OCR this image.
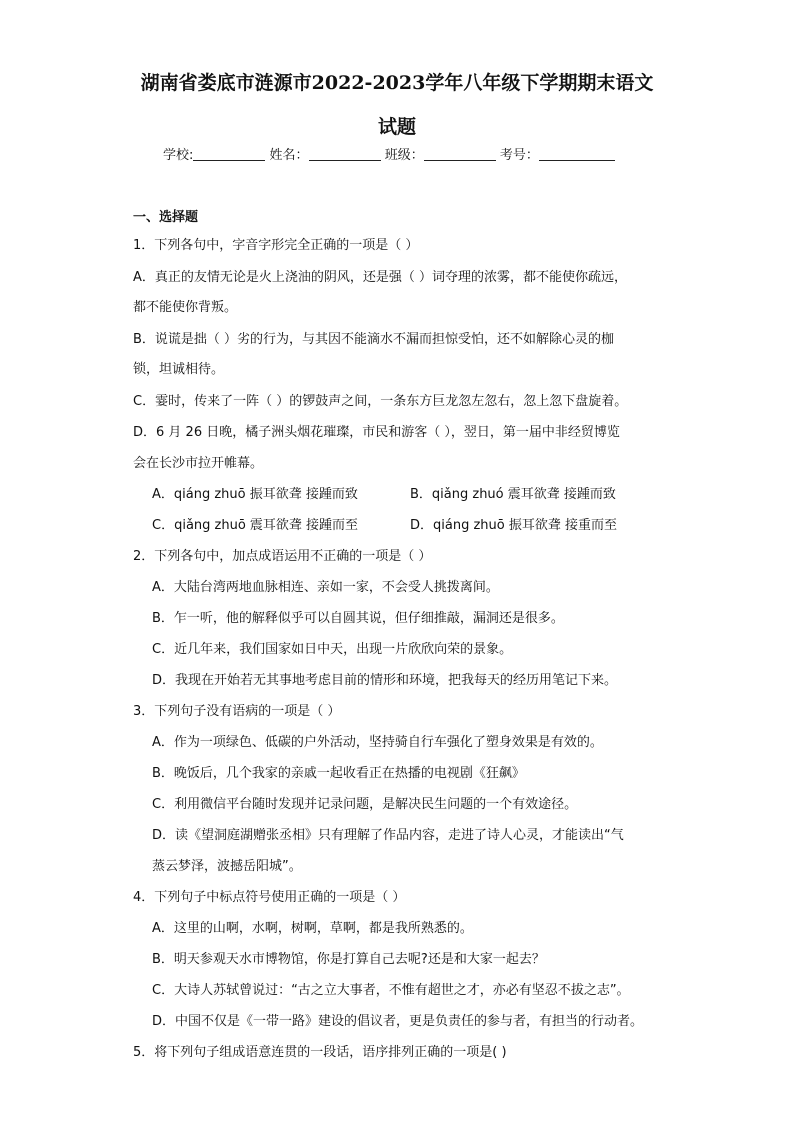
湖南省娄底市涟源市2022-2023学年八年级下学期期末语文
试题
学校:	姓名：	班级：	考号：
一、选择题
1．下列各句中，字音字形完全正确的一项是（ ）
A．真正的友情无论是火上浇油的阴风，还是强（ ）词夺理的浓雾，都不能使你疏远，
都不能使你背叛。
B．说谎是拙（ ）劣的行为，与其因不能滴水不漏而担惊受怕，还不如解除心灵的枷
锁，坦诚相待。
C．霎时，传来了一阵（ ）的锣鼓声之间，一条东方巨龙忽左忽右，忽上忽下盘旋着。
D．6 月 26 日晚，橘子洲头烟花璀璨，市民和游客（ ），翌日，第一届中非经贸博览
会在长沙市拉开帷幕。
A．qiáng zhuō 振耳欲聋 接踵而致	B．qiǎng zhuó 震耳欲聋 接踵而致
C．qiǎng zhuō 震耳欲聋 接踵而至	D．qiáng zhuō 振耳欲聋 接重而至
2．下列各句中，加点成语运用不正确的一项是（ ）
A．大陆台湾两地血脉相连、亲如一家，不会受人挑拨离间。
B．乍一听，他的解释似乎可以自圆其说，但仔细推敲，漏洞还是很多。
C．近几年来，我们国家如日中天，出现一片欣欣向荣的景象。
D．我现在开始若无其事地考虑目前的情形和环境，把我每天的经历用笔记下来。
3．下列句子没有语病的一项是（ ）
A．作为一项绿色、低碳的户外活动，坚持骑自行车强化了塑身效果是有效的。
B．晚饭后，几个我家的亲戚一起收看正在热播的电视剧《狂飙》
C．利用微信平台随时发现并记录问题，是解决民生问题的一个有效途径。
D．读《望洞庭湖赠张丞相》只有理解了作品内容，走进了诗人心灵，才能读出“气
蒸云梦泽，波撼岳阳城”。
4．下列句子中标点符号使用正确的一项是（ ）
A．这里的山啊，水啊，树啊，草啊，都是我所熟悉的。
B．明天参观天水市博物馆，你是打算自己去呢?还是和大家一起去？
C．大诗人苏轼曾说过：“古之立大事者，不惟有超世之才，亦必有坚忍不拔之志”。
D．中国不仅是《一带一路》建设的倡议者，更是负责任的参与者，有担当的行动者。
5．将下列句子组成语意连贯的一段话，语序排列正确的一项是( )
